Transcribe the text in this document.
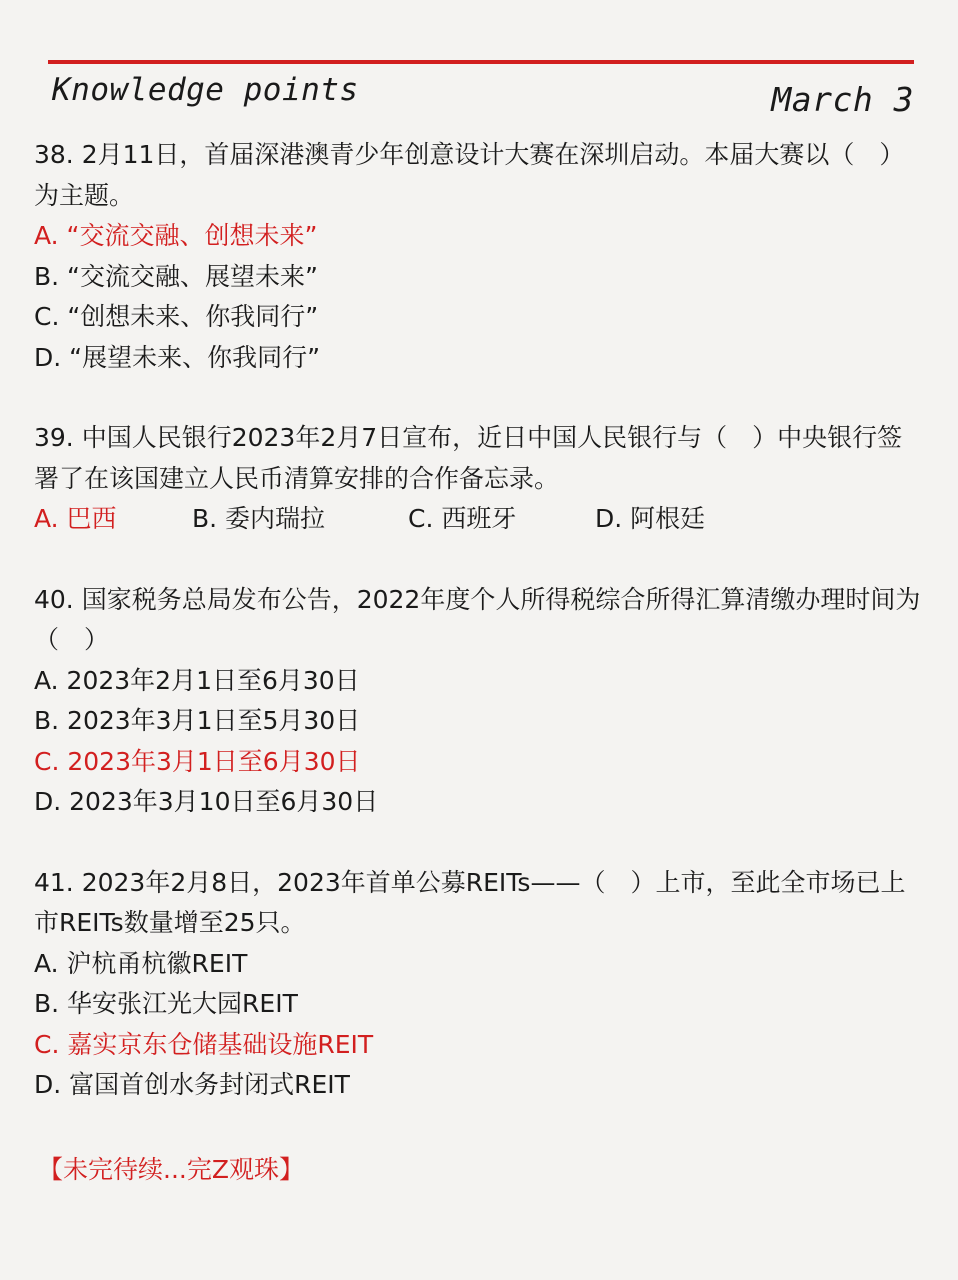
Knowledge points	March 3
38. 2月11日，首届深港澳青少年创意设计大赛在深圳启动。本届大赛以（　）为主题。
A. “交流交融、创想未来”
B. “交流交融、展望未来”
C. “创想未来、你我同行”
D. “展望未来、你我同行”
39. 中国人民银行2023年2月7日宣布，近日中国人民银行与（　）中央银行签署了在该国建立人民币清算安排的合作备忘录。
A. 巴西	B. 委内瑞拉	C. 西班牙	D. 阿根廷
40. 国家税务总局发布公告，2022年度个人所得税综合所得汇算清缴办理时间为（　）
A. 2023年2月1日至6月30日
B. 2023年3月1日至5月30日
C. 2023年3月1日至6月30日
D. 2023年3月10日至6月30日
41. 2023年2月8日，2023年首单公募REITs——（　）上市，至此全市场已上市REITs数量增至25只。
A. 沪杭甬杭徽REIT
B. 华安张江光大园REIT
C. 嘉实京东仓储基础设施REIT
D. 富国首创水务封闭式REIT
【未完待续...完Z观珠】
